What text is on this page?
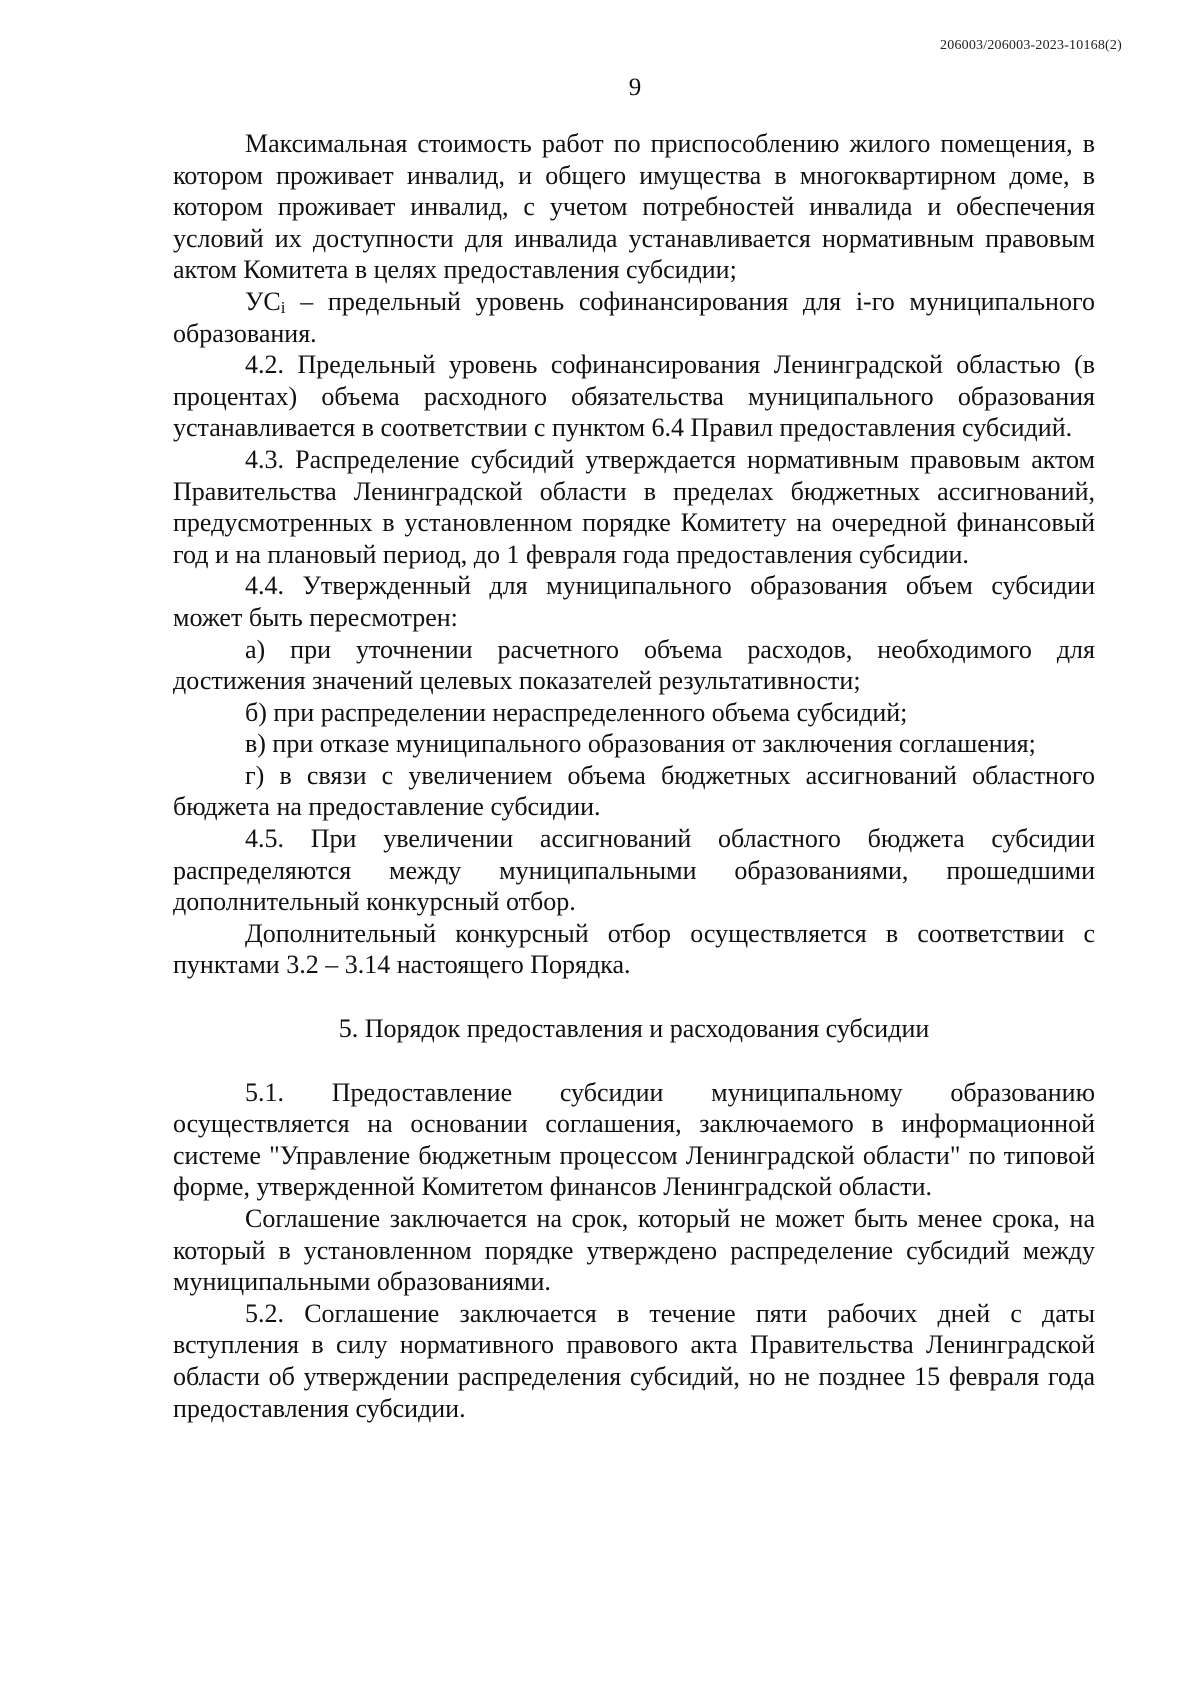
206003/206003-2023-10168(2)
9

Максимальная стоимость работ по приспособлению жилого помещения, в котором проживает инвалид, и общего имущества в многоквартирном доме, в котором проживает инвалид, с учетом потребностей инвалида и обеспечения условий их доступности для инвалида устанавливается нормативным правовым актом Комитета в целях предоставления субсидии;

$УС_i$ – предельный уровень софинансирования для i-го муниципального образования.

4.2. Предельный уровень софинансирования Ленинградской областью (в процентах) объема расходного обязательства муниципального образования устанавливается в соответствии с пунктом 6.4 Правил предоставления субсидий.

4.3. Распределение субсидий утверждается нормативным правовым актом Правительства Ленинградской области в пределах бюджетных ассигнований, предусмотренных в установленном порядке Комитету на очередной финансовый год и на плановый период, до 1 февраля года предоставления субсидии.

4.4. Утвержденный для муниципального образования объем субсидии может быть пересмотрен:

а) при уточнении расчетного объема расходов, необходимого для достижения значений целевых показателей результативности;

б) при распределении нераспределенного объема субсидий;

в) при отказе муниципального образования от заключения соглашения;

г) в связи с увеличением объема бюджетных ассигнований областного бюджета на предоставление субсидии.

4.5. При увеличении ассигнований областного бюджета субсидии распределяются между муниципальными образованиями, прошедшими дополнительный конкурсный отбор.

Дополнительный конкурсный отбор осуществляется в соответствии с пунктами 3.2 – 3.14 настоящего Порядка.

5. Порядок предоставления и расходования субсидии

5.1. Предоставление субсидии муниципальному образованию осуществляется на основании соглашения, заключаемого в информационной системе "Управление бюджетным процессом Ленинградской области" по типовой форме, утвержденной Комитетом финансов Ленинградской области.

Соглашение заключается на срок, который не может быть менее срока, на который в установленном порядке утверждено распределение субсидий между муниципальными образованиями.

5.2. Соглашение заключается в течение пяти рабочих дней с даты вступления в силу нормативного правового акта Правительства Ленинградской области об утверждении распределения субсидий, но не позднее 15 февраля года предоставления субсидии.
